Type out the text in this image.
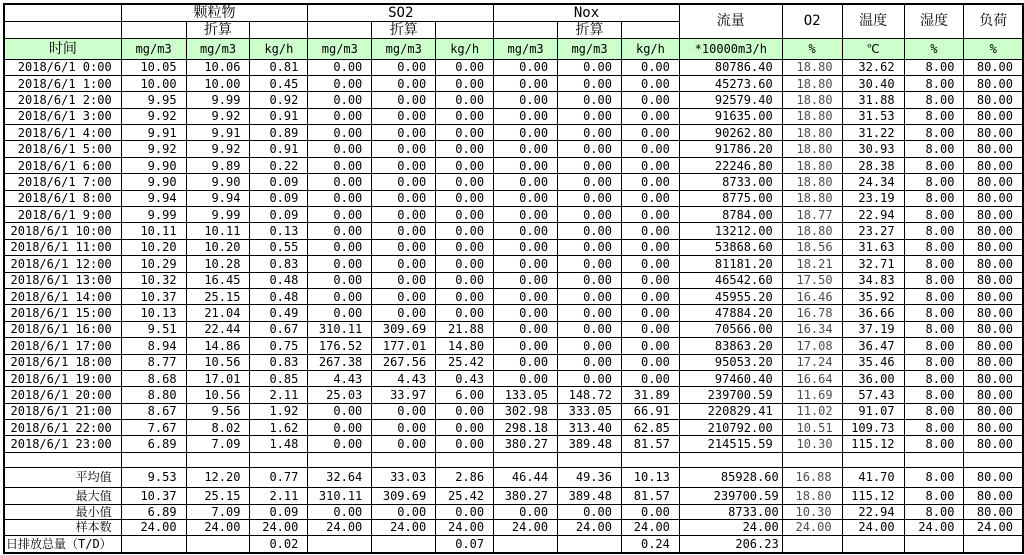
	颗粒物			SO2			Nox			流量	O2	温度	湿度	负荷
		折算			折算			折算						
时间	mg/m3	mg/m3	kg/h	mg/m3	mg/m3	kg/h	mg/m3	mg/m3	kg/h	*10000m3/h	%	℃	%	%
2018/6/1 0:00	10.05	10.06	0.81	0.00	0.00	0.00	0.00	0.00	0.00	80786.40	18.80	32.62	8.00	80.00
2018/6/1 1:00	10.00	10.00	0.45	0.00	0.00	0.00	0.00	0.00	0.00	45273.60	18.80	30.40	8.00	80.00
2018/6/1 2:00	9.95	9.99	0.92	0.00	0.00	0.00	0.00	0.00	0.00	92579.40	18.80	31.88	8.00	80.00
2018/6/1 3:00	9.92	9.92	0.91	0.00	0.00	0.00	0.00	0.00	0.00	91635.00	18.80	31.53	8.00	80.00
2018/6/1 4:00	9.91	9.91	0.89	0.00	0.00	0.00	0.00	0.00	0.00	90262.80	18.80	31.22	8.00	80.00
2018/6/1 5:00	9.92	9.92	0.91	0.00	0.00	0.00	0.00	0.00	0.00	91786.20	18.80	30.93	8.00	80.00
2018/6/1 6:00	9.90	9.89	0.22	0.00	0.00	0.00	0.00	0.00	0.00	22246.80	18.80	28.38	8.00	80.00
2018/6/1 7:00	9.90	9.90	0.09	0.00	0.00	0.00	0.00	0.00	0.00	8733.00	18.80	24.34	8.00	80.00
2018/6/1 8:00	9.94	9.94	0.09	0.00	0.00	0.00	0.00	0.00	0.00	8775.00	18.80	23.19	8.00	80.00
2018/6/1 9:00	9.99	9.99	0.09	0.00	0.00	0.00	0.00	0.00	0.00	8784.00	18.77	22.94	8.00	80.00
2018/6/1 10:00	10.11	10.11	0.13	0.00	0.00	0.00	0.00	0.00	0.00	13212.00	18.80	23.27	8.00	80.00
2018/6/1 11:00	10.20	10.20	0.55	0.00	0.00	0.00	0.00	0.00	0.00	53868.60	18.56	31.63	8.00	80.00
2018/6/1 12:00	10.29	10.28	0.83	0.00	0.00	0.00	0.00	0.00	0.00	81181.20	18.21	32.71	8.00	80.00
2018/6/1 13:00	10.32	16.45	0.48	0.00	0.00	0.00	0.00	0.00	0.00	46542.60	17.50	34.83	8.00	80.00
2018/6/1 14:00	10.37	25.15	0.48	0.00	0.00	0.00	0.00	0.00	0.00	45955.20	16.46	35.92	8.00	80.00
2018/6/1 15:00	10.13	21.04	0.49	0.00	0.00	0.00	0.00	0.00	0.00	47884.20	16.78	36.66	8.00	80.00
2018/6/1 16:00	9.51	22.44	0.67	310.11	309.69	21.88	0.00	0.00	0.00	70566.00	16.34	37.19	8.00	80.00
2018/6/1 17:00	8.94	14.86	0.75	176.52	177.01	14.80	0.00	0.00	0.00	83863.20	17.08	36.47	8.00	80.00
2018/6/1 18:00	8.77	10.56	0.83	267.38	267.56	25.42	0.00	0.00	0.00	95053.20	17.24	35.46	8.00	80.00
2018/6/1 19:00	8.68	17.01	0.85	4.43	4.43	0.43	0.00	0.00	0.00	97460.40	16.64	36.00	8.00	80.00
2018/6/1 20:00	8.80	10.56	2.11	25.03	33.97	6.00	133.05	148.72	31.89	239700.59	11.69	57.43	8.00	80.00
2018/6/1 21:00	8.67	9.56	1.92	0.00	0.00	0.00	302.98	333.05	66.91	220829.41	11.02	91.07	8.00	80.00
2018/6/1 22:00	7.67	8.02	1.62	0.00	0.00	0.00	298.18	313.40	62.85	210792.00	10.51	109.73	8.00	80.00
2018/6/1 23:00	6.89	7.09	1.48	0.00	0.00	0.00	380.27	389.48	81.57	214515.59	10.30	115.12	8.00	80.00

平均值	9.53	12.20	0.77	32.64	33.03	2.86	46.44	49.36	10.13	85928.60	16.88	41.70	8.00	80.00
最大值	10.37	25.15	2.11	310.11	309.69	25.42	380.27	389.48	81.57	239700.59	18.80	115.12	8.00	80.00
最小值	6.89	7.09	0.09	0.00	0.00	0.00	0.00	0.00	0.00	8733.00	10.30	22.94	8.00	80.00
样本数	24.00	24.00	24.00	24.00	24.00	24.00	24.00	24.00	24.00	24.00	24.00	24.00	24.00	24.00
日排放总量（T/D）			0.02			0.07			0.24	206.23				
